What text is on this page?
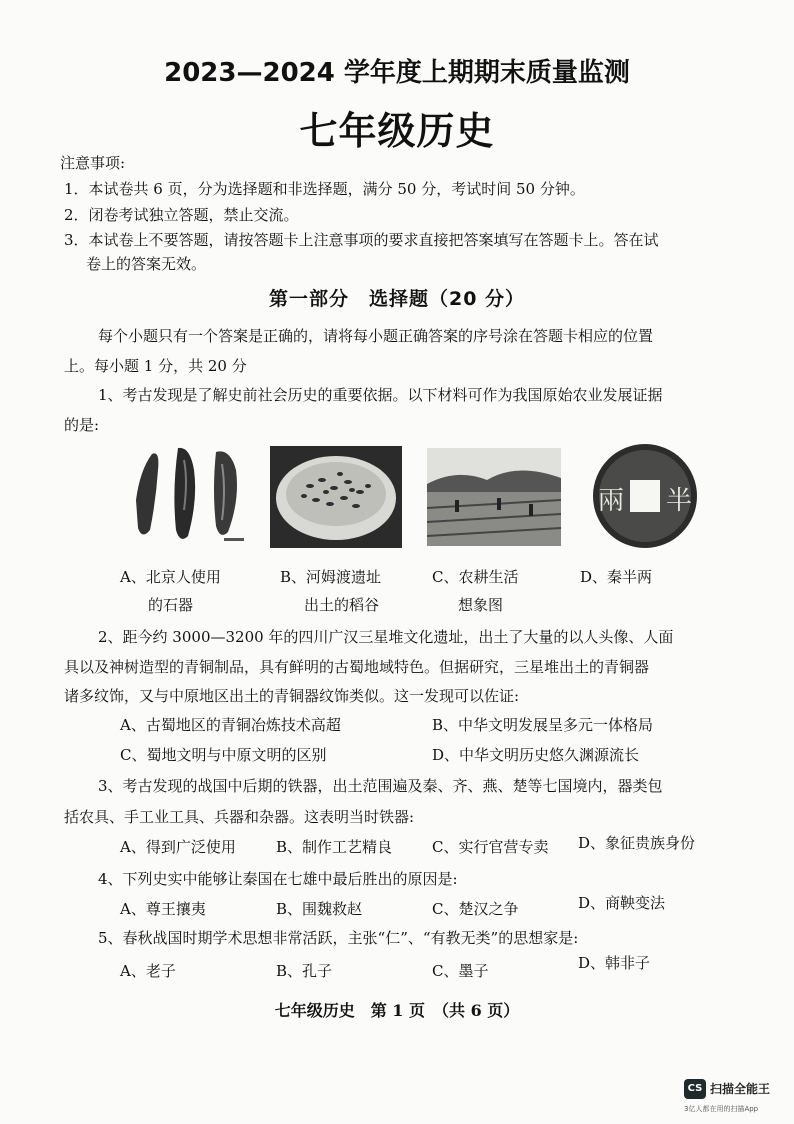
2023—2024 学年度上期期末质量监测
七年级历史
注意事项:
1．本试卷共 6 页，分为选择题和非选择题，满分 50 分，考试时间 50 分钟。
2．闭卷考试独立答题，禁止交流。
3．本试卷上不要答题，请按答题卡上注意事项的要求直接把答案填写在答题卡上。答在试
卷上的答案无效。
第一部分　选择题（20 分）
每个小题只有一个答案是正确的，请将每小题正确答案的序号涂在答题卡相应的位置
上。每小题 1 分，共 20 分
1、考古发现是了解史前社会历史的重要依据。以下材料可作为我国原始农业发展证据
的是:
兩 半
A、北京人使用
的石器
B、河姆渡遗址
出土的稻谷
C、农耕生活
想象图
D、秦半两
2、距今约 3000—3200 年的四川广汉三星堆文化遗址，出土了大量的以人头像、人面
具以及神树造型的青铜制品，具有鲜明的古蜀地域特色。但据研究，三星堆出土的青铜器
诸多纹饰，又与中原地区出土的青铜器纹饰类似。这一发现可以佐证:
A、古蜀地区的青铜冶炼技术高超	B、中华文明发展呈多元一体格局
C、蜀地文明与中原文明的区别	D、中华文明历史悠久渊源流长
3、考古发现的战国中后期的铁器，出土范围遍及秦、齐、燕、楚等七国境内，器类包
括农具、手工业工具、兵器和杂器。这表明当时铁器:
A、得到广泛使用	B、制作工艺精良	C、实行官营专卖 D、象征贵族身份
4、下列史实中能够让秦国在七雄中最后胜出的原因是:
A、尊王攘夷	B、围魏救赵	C、楚汉之争	D、商鞅变法
5、春秋战国时期学术思想非常活跃，主张“仁”、“有教无类”的思想家是:
A、老子	B、孔子	C、墨子	D、韩非子
七年级历史　第 1 页　（共 6 页）
CS 扫描全能王
3亿人都在用的扫描App
